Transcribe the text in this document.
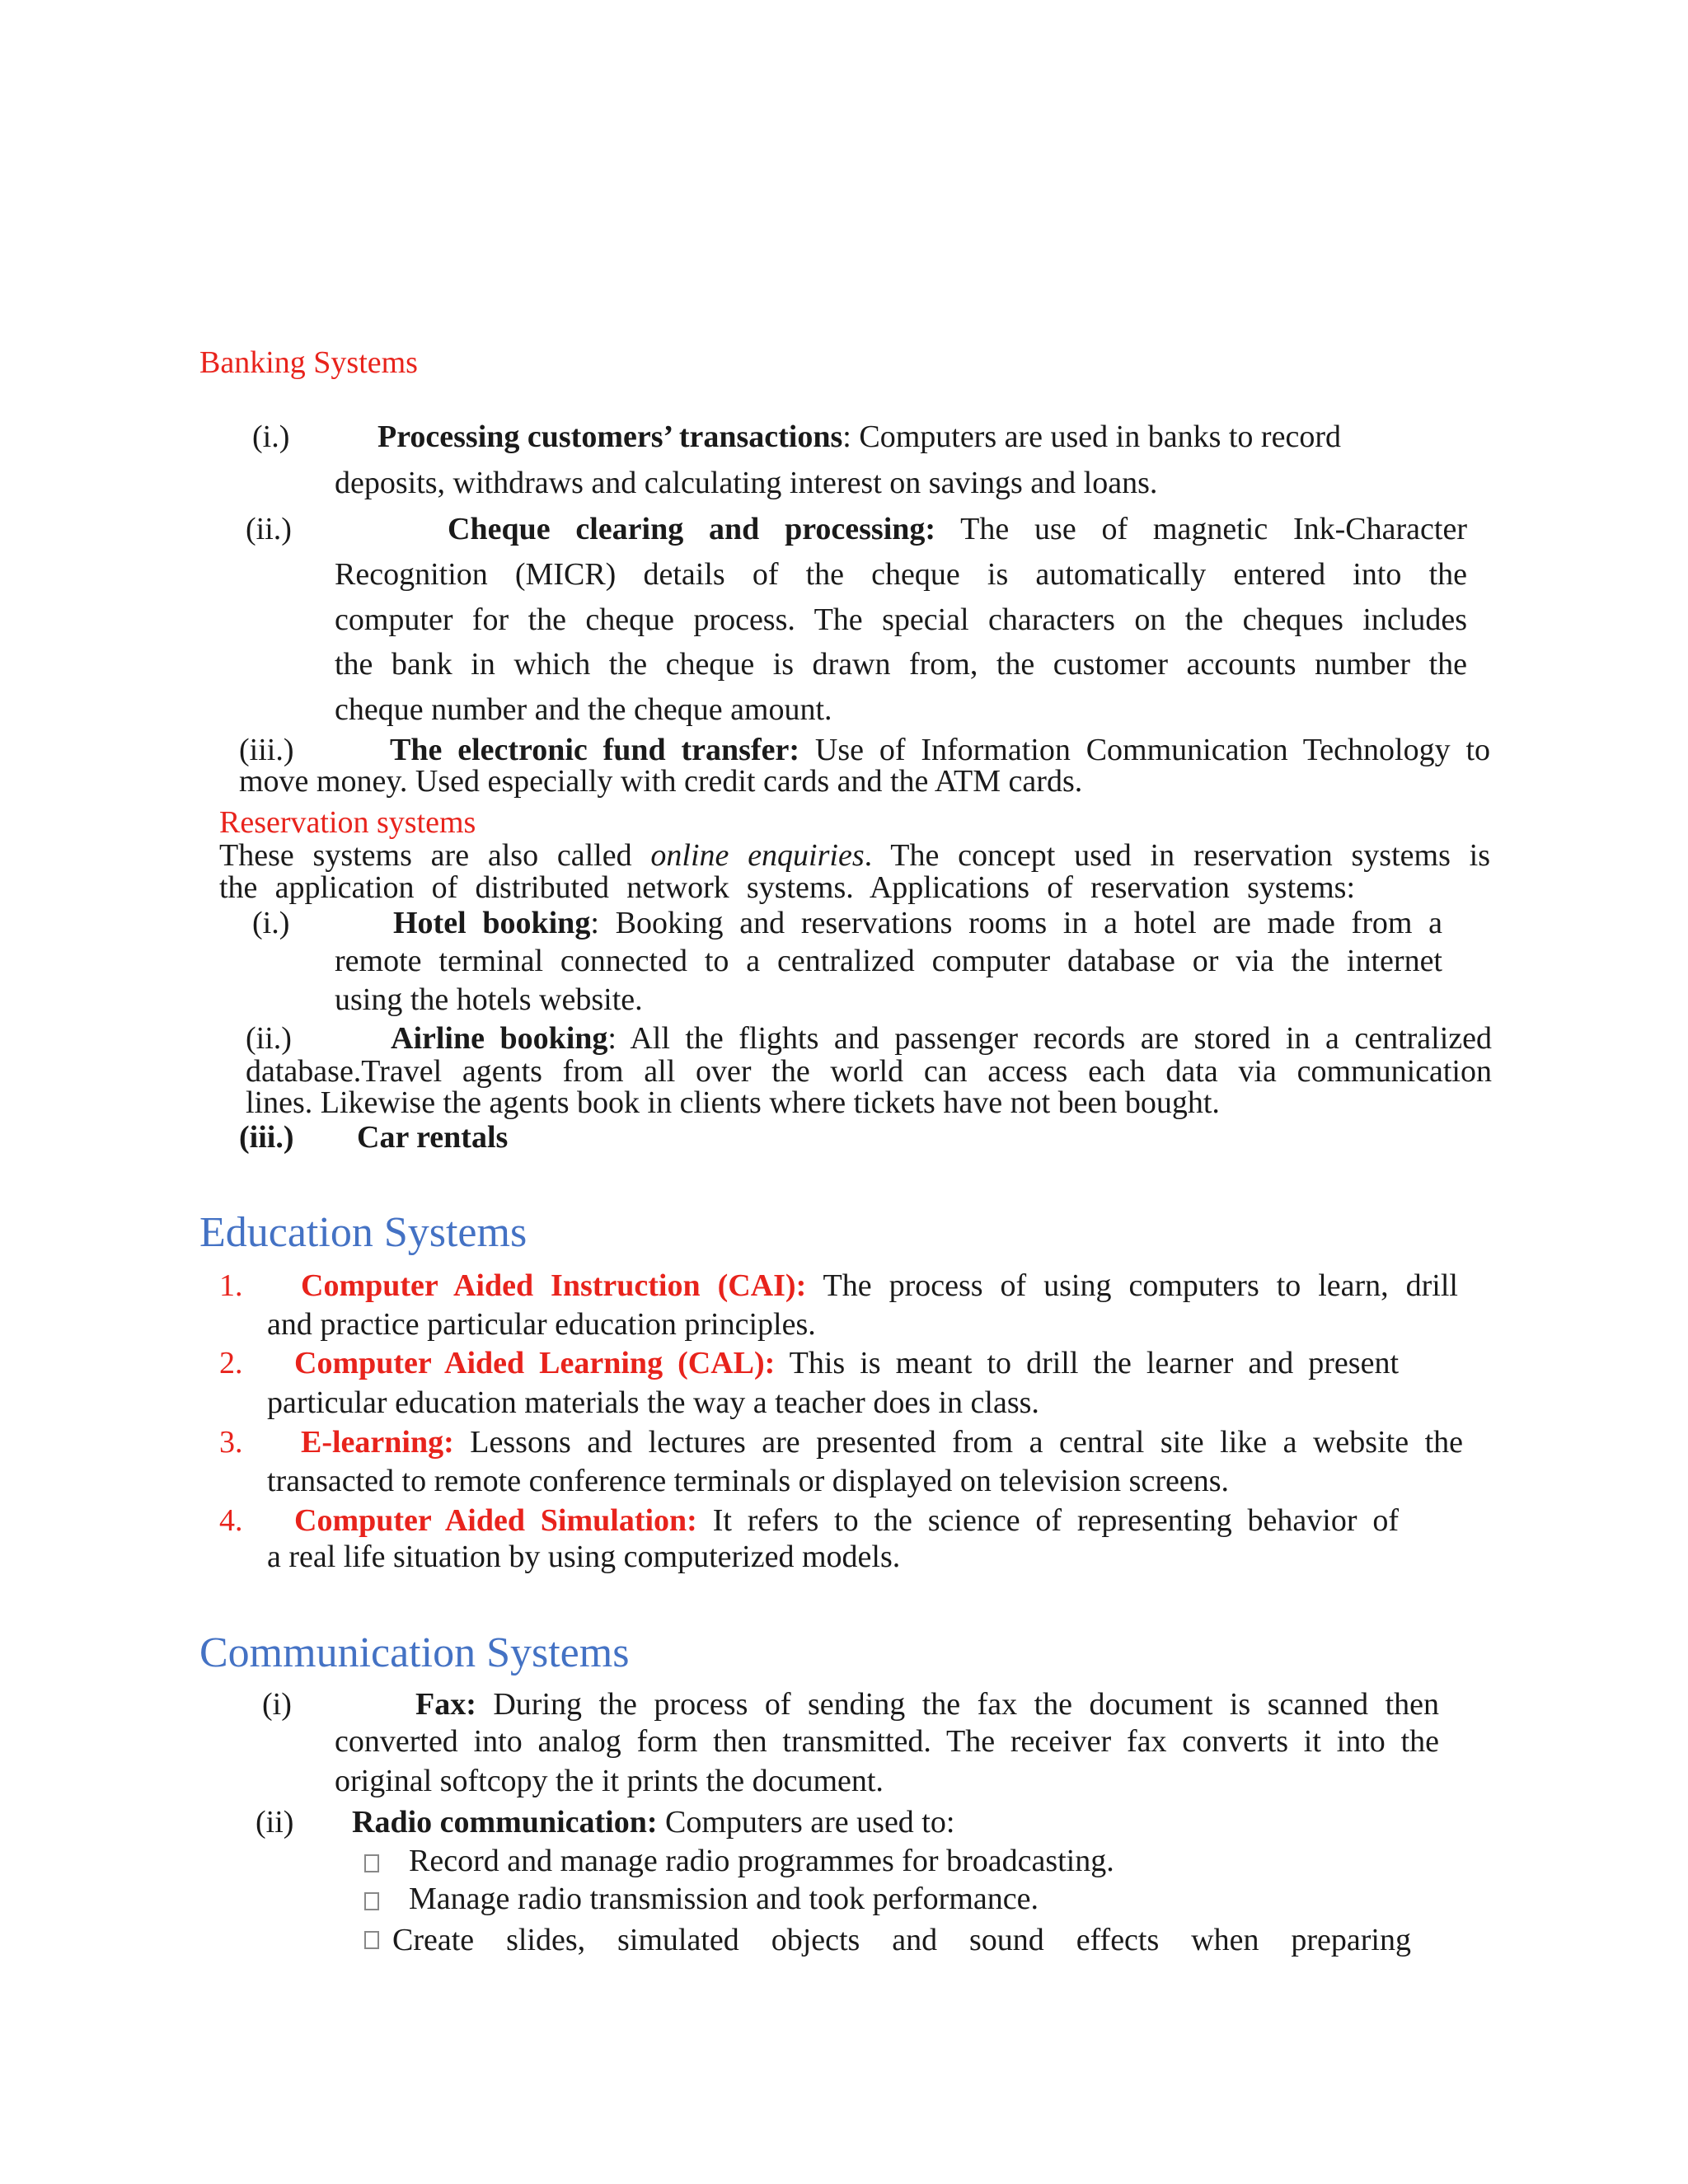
Banking Systems
(i.)	Processing customers’ transactions: Computers are used in banks to record
deposits, withdraws and calculating interest on savings and loans.
(ii.)	Cheque clearing and processing: The use of magnetic Ink-Character
Recognition (MICR) details of the cheque is automatically entered into the
computer for the cheque process. The special characters on the cheques includes
the bank in which the cheque is drawn from, the customer accounts number the
cheque number and the cheque amount.
(iii.)	The electronic fund transfer: Use of Information Communication Technology to
move money. Used especially with credit cards and the ATM cards.
Reservation systems
These systems are also called online enquiries. The concept used in reservation systems is
the application of distributed network systems. Applications of reservation systems:
(i.)	Hotel booking: Booking and reservations rooms in a hotel are made from a
remote terminal connected to a centralized computer database or via the internet
using the hotels website.
(ii.)	Airline booking: All the flights and passenger records are stored in a centralized
database.Travel agents from all over the world can access each data via communication
lines. Likewise the agents book in clients where tickets have not been bought.
(iii.) Car rentals
Education Systems
1. Computer Aided Instruction (CAI): The process of using computers to learn, drill
and practice particular education principles.
2. Computer Aided Learning (CAL): This is meant to drill the learner and present
particular education materials the way a teacher does in class.
3. E-learning: Lessons and lectures are presented from a central site like a website the
transacted to remote conference terminals or displayed on television screens.
4. Computer Aided Simulation: It refers to the science of representing behavior of
a real life situation by using computerized models.
Communication Systems
(i)	Fax: During the process of sending the fax the document is scanned then
converted into analog form then transmitted. The receiver fax converts it into the
original softcopy the it prints the document.
(ii) Radio communication: Computers are used to:
Record and manage radio programmes for broadcasting.
Manage radio transmission and took performance.
Create slides, simulated objects and sound effects when preparing
